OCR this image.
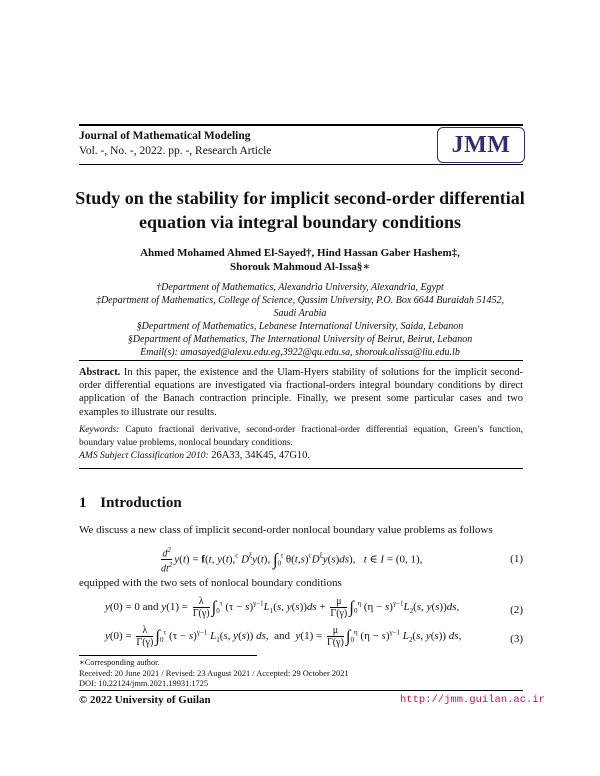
Journal of Mathematical Modeling
Vol. -, No. -, 2022. pp. -, Research Article	JMM
Study on the stability for implicit second-order differential
equation via integral boundary conditions
Ahmed Mohamed Ahmed El-Sayed†, Hind Hassan Gaber Hashem‡,
Shorouk Mahmoud Al-Issa§∗
†Department of Mathematics, Alexandria University, Alexandria, Egypt
‡Department of Mathematics, College of Science, Qassim University, P.O. Box 6644 Buraidah 51452,
Saudi Arabia
§Department of Mathematics, Lebanese International University, Saida, Lebanon
§Department of Mathematics, The International University of Beirut, Beirut, Lebanon
Email(s): amasayed@alexu.edu.eg,3922@qu.edu.sa, shorouk.alissa@liu.edu.lb
Abstract. In this paper, the existence and the Ulam-Hyers stability of solutions for the implicit second-order differential equations are investigated via fractional-orders integral boundary conditions by direct application of the Banach contraction principle. Finally, we present some particular cases and two examples to illustrate our results.
Keywords: Caputo fractional derivative, second-order fractional-order differential equation, Green’s function, boundary value problems, nonlocal boundary conditions.
AMS Subject Classification 2010: 26A33, 34K45, 47G10.
1 Introduction
We discuss a new class of implicit second-order nonlocal boundary value problems as follows
$\frac{d^2}{dt^2} y(t) = f(t$, y(t),$^c$ $D^\xi y(t)$, $\int_0^t$ $\theta(t,s)^cD^\xi y(s)ds$),   t ∈ I = (0, 1),	(1)
equipped with the two sets of nonlocal boundary conditions
y(0) = 0 and $y(1) = \frac{\lambda}{\Gamma(\gamma)} \int_0^\tau$ $(\tau - s)^{\gamma-1}L_1(s$, $y(s))ds + \frac{\mu}{\Gamma(\gamma)} \int_0^\eta$ $(\eta - s)^{\gamma-1}L_2(s$, y(s))ds,	(2)
$y(0) = \frac{\lambda}{\Gamma(\gamma)} \int_0^\tau$ $(\tau - s)^{\gamma-1}$ $L_1(s$, y(s)) ds,  and $y(1) = \frac{\mu}{\Gamma(\gamma)} \int_0^\eta$ $(\eta - s)^{\gamma-1}$ $L_2(s$, y(s)) ds,	(3)
∗Corresponding author.
Received: 20 June 2021 / Revised: 23 August 2021 / Accepted: 29 October 2021
DOI: 10.22124/jmm.2021.19931.1725
© 2022 University of Guilan	http://jmm.guilan.ac.ir
